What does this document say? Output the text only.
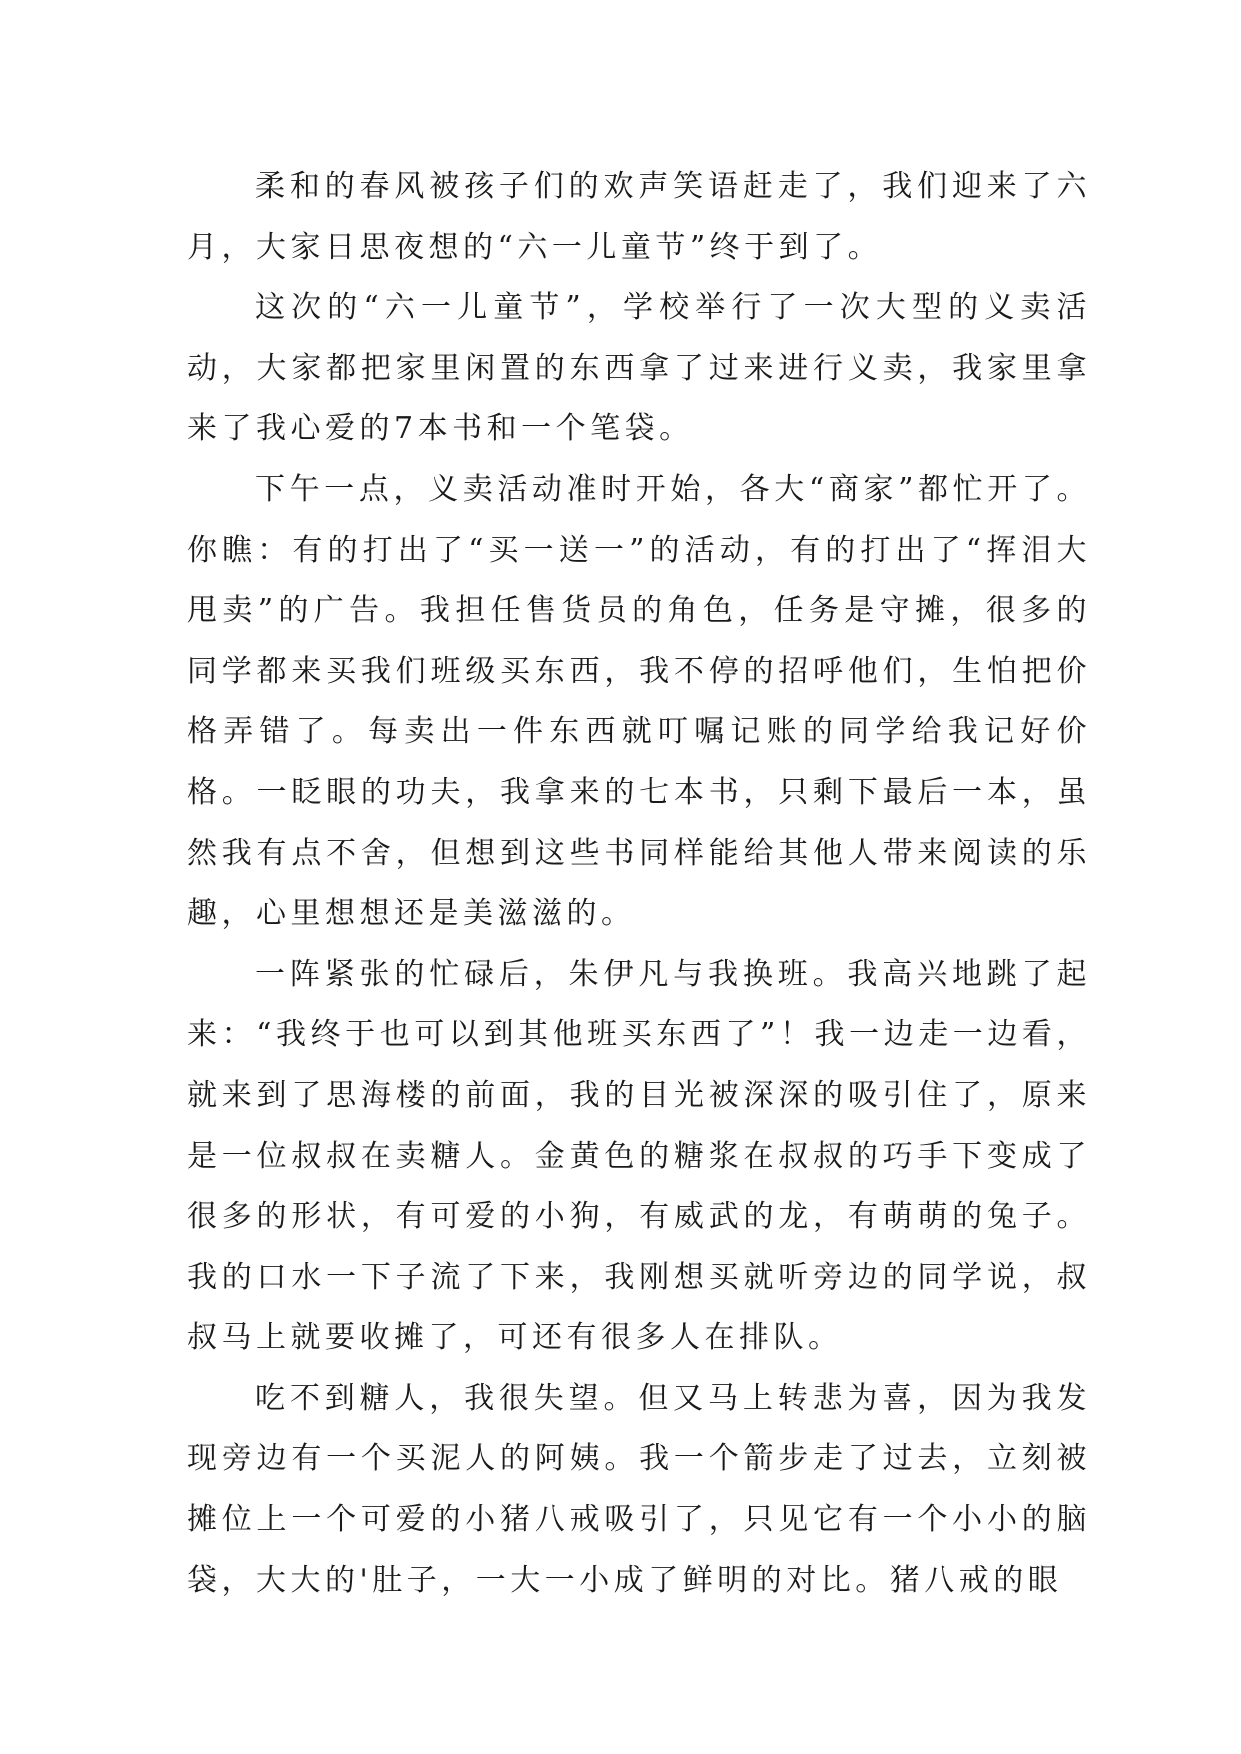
柔和的春风被孩子们的欢声笑语赶走了，我们迎来了六月，大家日思夜想的“六一儿童节”终于到了。

这次的“六一儿童节”，学校举行了一次大型的义卖活动，大家都把家里闲置的东西拿了过来进行义卖，我家里拿来了我心爱的7本书和一个笔袋。

下午一点，义卖活动准时开始，各大“商家”都忙开了。你瞧：有的打出了“买一送一”的活动，有的打出了“挥泪大甩卖”的广告。我担任售货员的角色，任务是守摊，很多的同学都来买我们班级买东西，我不停的招呼他们，生怕把价格弄错了。每卖出一件东西就叮嘱记账的同学给我记好价格。一眨眼的功夫，我拿来的七本书，只剩下最后一本，虽然我有点不舍，但想到这些书同样能给其他人带来阅读的乐趣，心里想想还是美滋滋的。

一阵紧张的忙碌后，朱伊凡与我换班。我高兴地跳了起来：“我终于也可以到其他班买东西了”！我一边走一边看，就来到了思海楼的前面，我的目光被深深的吸引住了，原来是一位叔叔在卖糖人。金黄色的糖浆在叔叔的巧手下变成了很多的形状，有可爱的小狗，有威武的龙，有萌萌的兔子。我的口水一下子流了下来，我刚想买就听旁边的同学说，叔叔马上就要收摊了，可还有很多人在排队。

吃不到糖人，我很失望。但又马上转悲为喜，因为我发现旁边有一个买泥人的阿姨。我一个箭步走了过去，立刻被摊位上一个可爱的小猪八戒吸引了，只见它有一个小小的脑袋，大大的'肚子，一大一小成了鲜明的对比。猪八戒的眼
